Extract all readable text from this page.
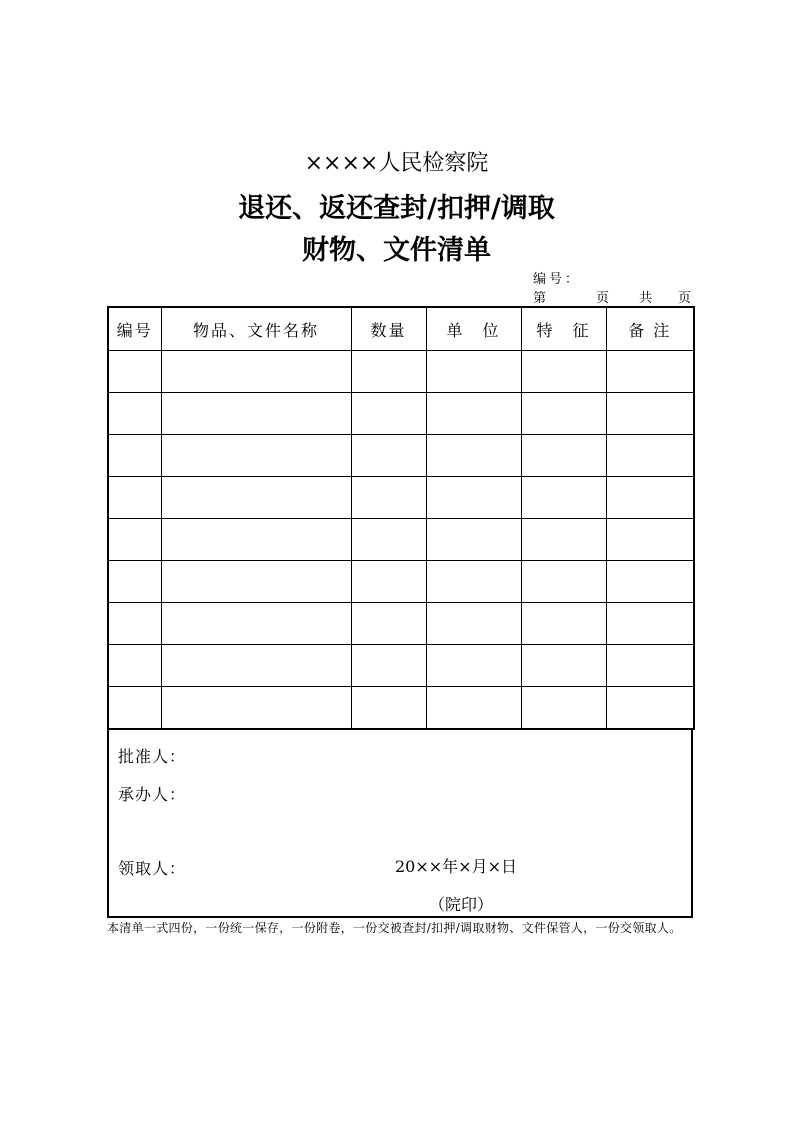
××××人民检察院
退还、返还查封/扣押/调取
财物、文件清单
编号：
第	页 共 页
编号	物品、文件名称	数量	单　位	特　征	备 注

批准人：
承办人：
领取人：	20××年×月×日
（院印）
本清单一式四份，一份统一保存，一份附卷，一份交被查封/扣押/调取财物、文件保管人，一份交领取人。
